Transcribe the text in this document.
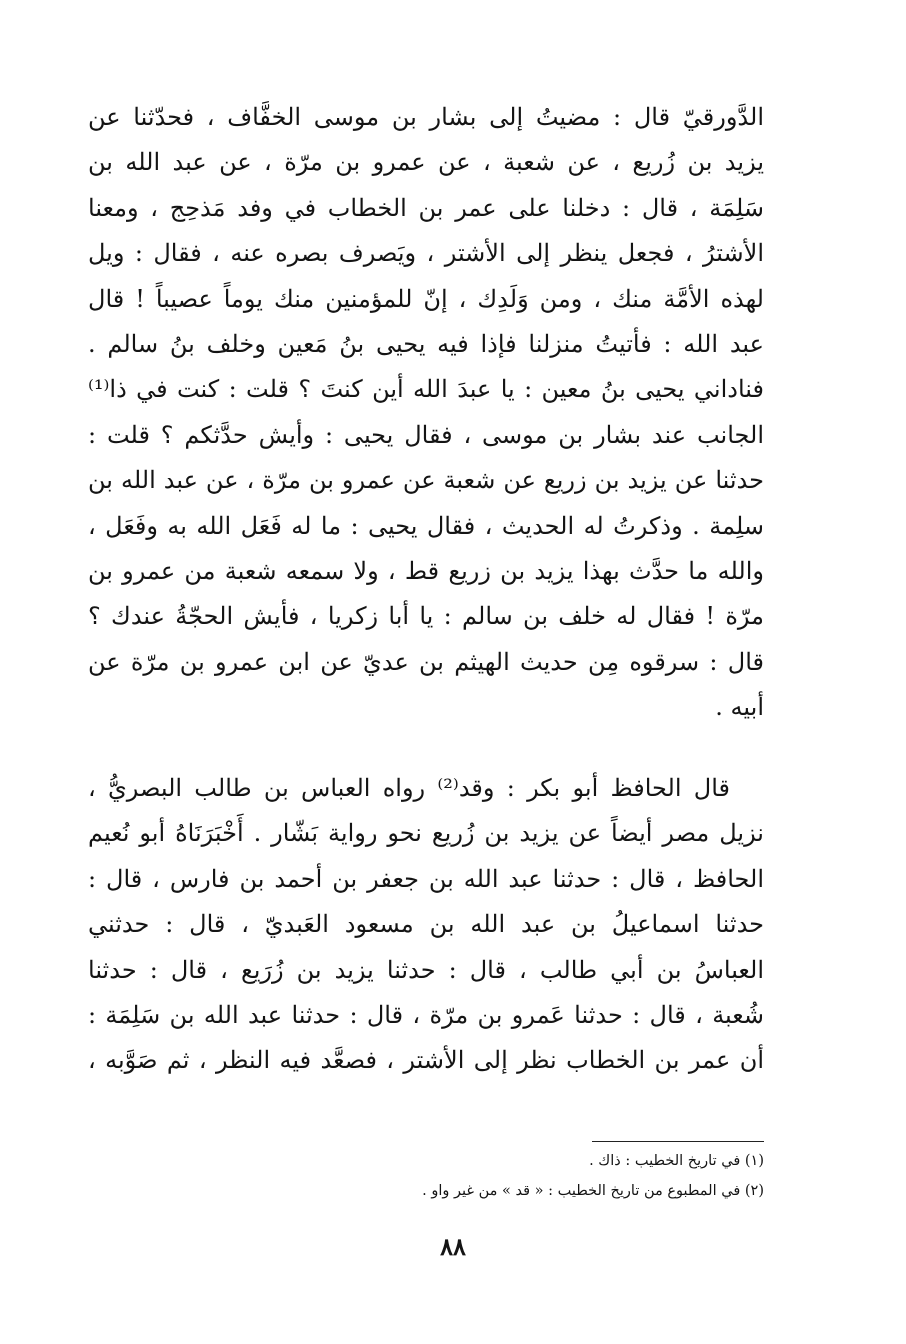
الدَّورقيّ قال : مضيتُ إلى بشار بن موسى الخفَّاف ، فحدّثنا عن
يزيد بن زُريع ، عن شعبة ، عن عمرو بن مرّة ، عن عبد الله بن
سَلِمَة ، قال : دخلنا على عمر بن الخطاب في وفد مَذحِج ، ومعنا
الأشترُ ، فجعل ينظر إلى الأشتر ، ويَصرف بصره عنه ، فقال : ويل
لهذه الأمَّة منك ، ومن وَلَدِك ، إنّ للمؤمنين منك يوماً عصيباً ! قال
عبد الله : فأتيتُ منزلنا فإذا فيه يحيى بنُ مَعين وخلف بنُ سالم .
فناداني يحيى بنُ معين : يا عبدَ الله أين كنتَ ؟ قلت : كنت في ذا⁽¹⁾
الجانب عند بشار بن موسى ، فقال يحيى : وأيش حدَّثكم ؟ قلت :
حدثنا عن يزيد بن زريع عن شعبة عن عمرو بن مرّة ، عن عبد الله بن
سلِمة . وذكرتُ له الحديث ، فقال يحيى : ما له فَعَل الله به وفَعَل ،
والله ما حدَّث بهذا يزيد بن زريع قط ، ولا سمعه شعبة من عمرو بن
مرّة ! فقال له خلف بن سالم : يا أبا زكريا ، فأيش الحجّةُ عندك ؟
قال : سرقوه مِن حديث الهيثم بن عديّ عن ابن عمرو بن مرّة عن
أبيه .
قال الحافظ أبو بكر : وقد⁽²⁾ رواه العباس بن طالب البصريُّ ،
نزيل مصر أيضاً عن يزيد بن زُريع نحو رواية بَشّار . أَخْبَرَنَاهُ أبو نُعيم
الحافظ ، قال : حدثنا عبد الله بن جعفر بن أحمد بن فارس ، قال :
حدثنا اسماعيلُ بن عبد الله بن مسعود العَبديّ ، قال : حدثني
العباسُ بن أبي طالب ، قال : حدثنا يزيد بن زُرَيع ، قال : حدثنا
شُعبة ، قال : حدثنا عَمرو بن مرّة ، قال : حدثنا عبد الله بن سَلِمَة :
أن عمر بن الخطاب نظر إلى الأشتر ، فصعَّد فيه النظر ، ثم صَوَّبه ،
(١) في تاريخ الخطيب : ذاك .
(٢) في المطبوع من تاريخ الخطيب : « قد » من غير واو .
٨٨
